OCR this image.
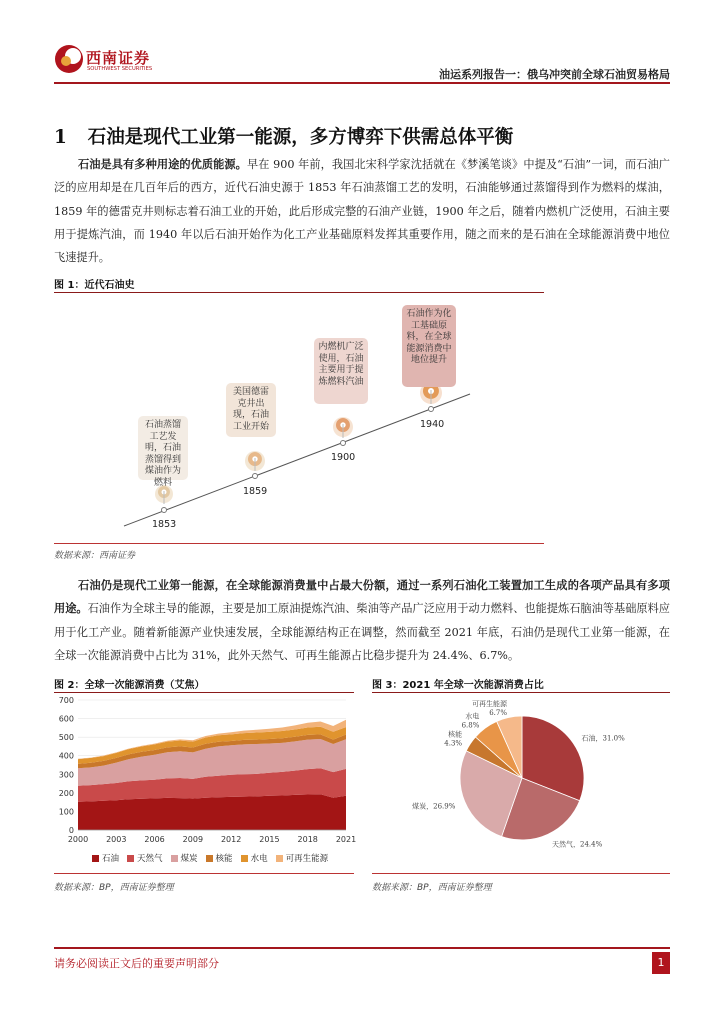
西南证券
SOUTHWEST SECURITIES	油运系列报告一：俄乌冲突前全球石油贸易格局
1 石油是现代工业第一能源，多方博弈下供需总体平衡
石油是具有多种用途的优质能源。早在 900 年前，我国北宋科学家沈括就在《梦溪笔谈》中提及“石油”一词，而石油广泛的应用却是在几百年后的西方，近代石油史源于 1853 年石油蒸馏工艺的发明，石油能够通过蒸馏得到作为燃料的煤油，1859 年的德雷克井则标志着石油工业的开始，此后形成完整的石油产业链，1900 年之后，随着内燃机广泛使用，石油主要用于提炼汽油，而 1940 年以后石油开始作为化工产业基础原料发挥其重要作用，随之而来的是石油在全球能源消费中地位飞速提升。
图 1：近代石油史
石油蒸馏工艺发明，石油蒸馏得到煤油作为燃料
美国德雷克井出现，石油工业开始
内燃机广泛使用，石油主要用于提炼燃料汽油
石油作为化工基础原料，在全球能源消费中地位提升
1853
1859
1900
1940
数据来源：西南证券
石油仍是现代工业第一能源，在全球能源消费量中占最大份额，通过一系列石油化工装置加工生成的各项产品具有多项用途。石油作为全球主导的能源，主要是加工原油提炼汽油、柴油等产品广泛应用于动力燃料、也能提炼石脑油等基础原料应用于化工产业。随着新能源产业快速发展，全球能源结构正在调整，然而截至 2021 年底，石油仍是现代工业第一能源，在全球一次能源消费中占比为 31%，此外天然气、可再生能源占比稳步提升为 24.4%、6.7%。
图 2：全球一次能源消费（艾焦）
0
100
200
300
400
500
600
700
2000 2003 2006 2009 2012 2015 2018 2021
石油 天然气 煤炭 核能 水电 可再生能源
数据来源：BP，西南证券整理
图 3：2021 年全球一次能源消费占比
石油，31.0%
天然气，24.4%
煤炭，26.9%
核能 4.3%
水电 6.8%
可再生能源 6.7%
数据来源：BP，西南证券整理
请务必阅读正文后的重要声明部分	1
